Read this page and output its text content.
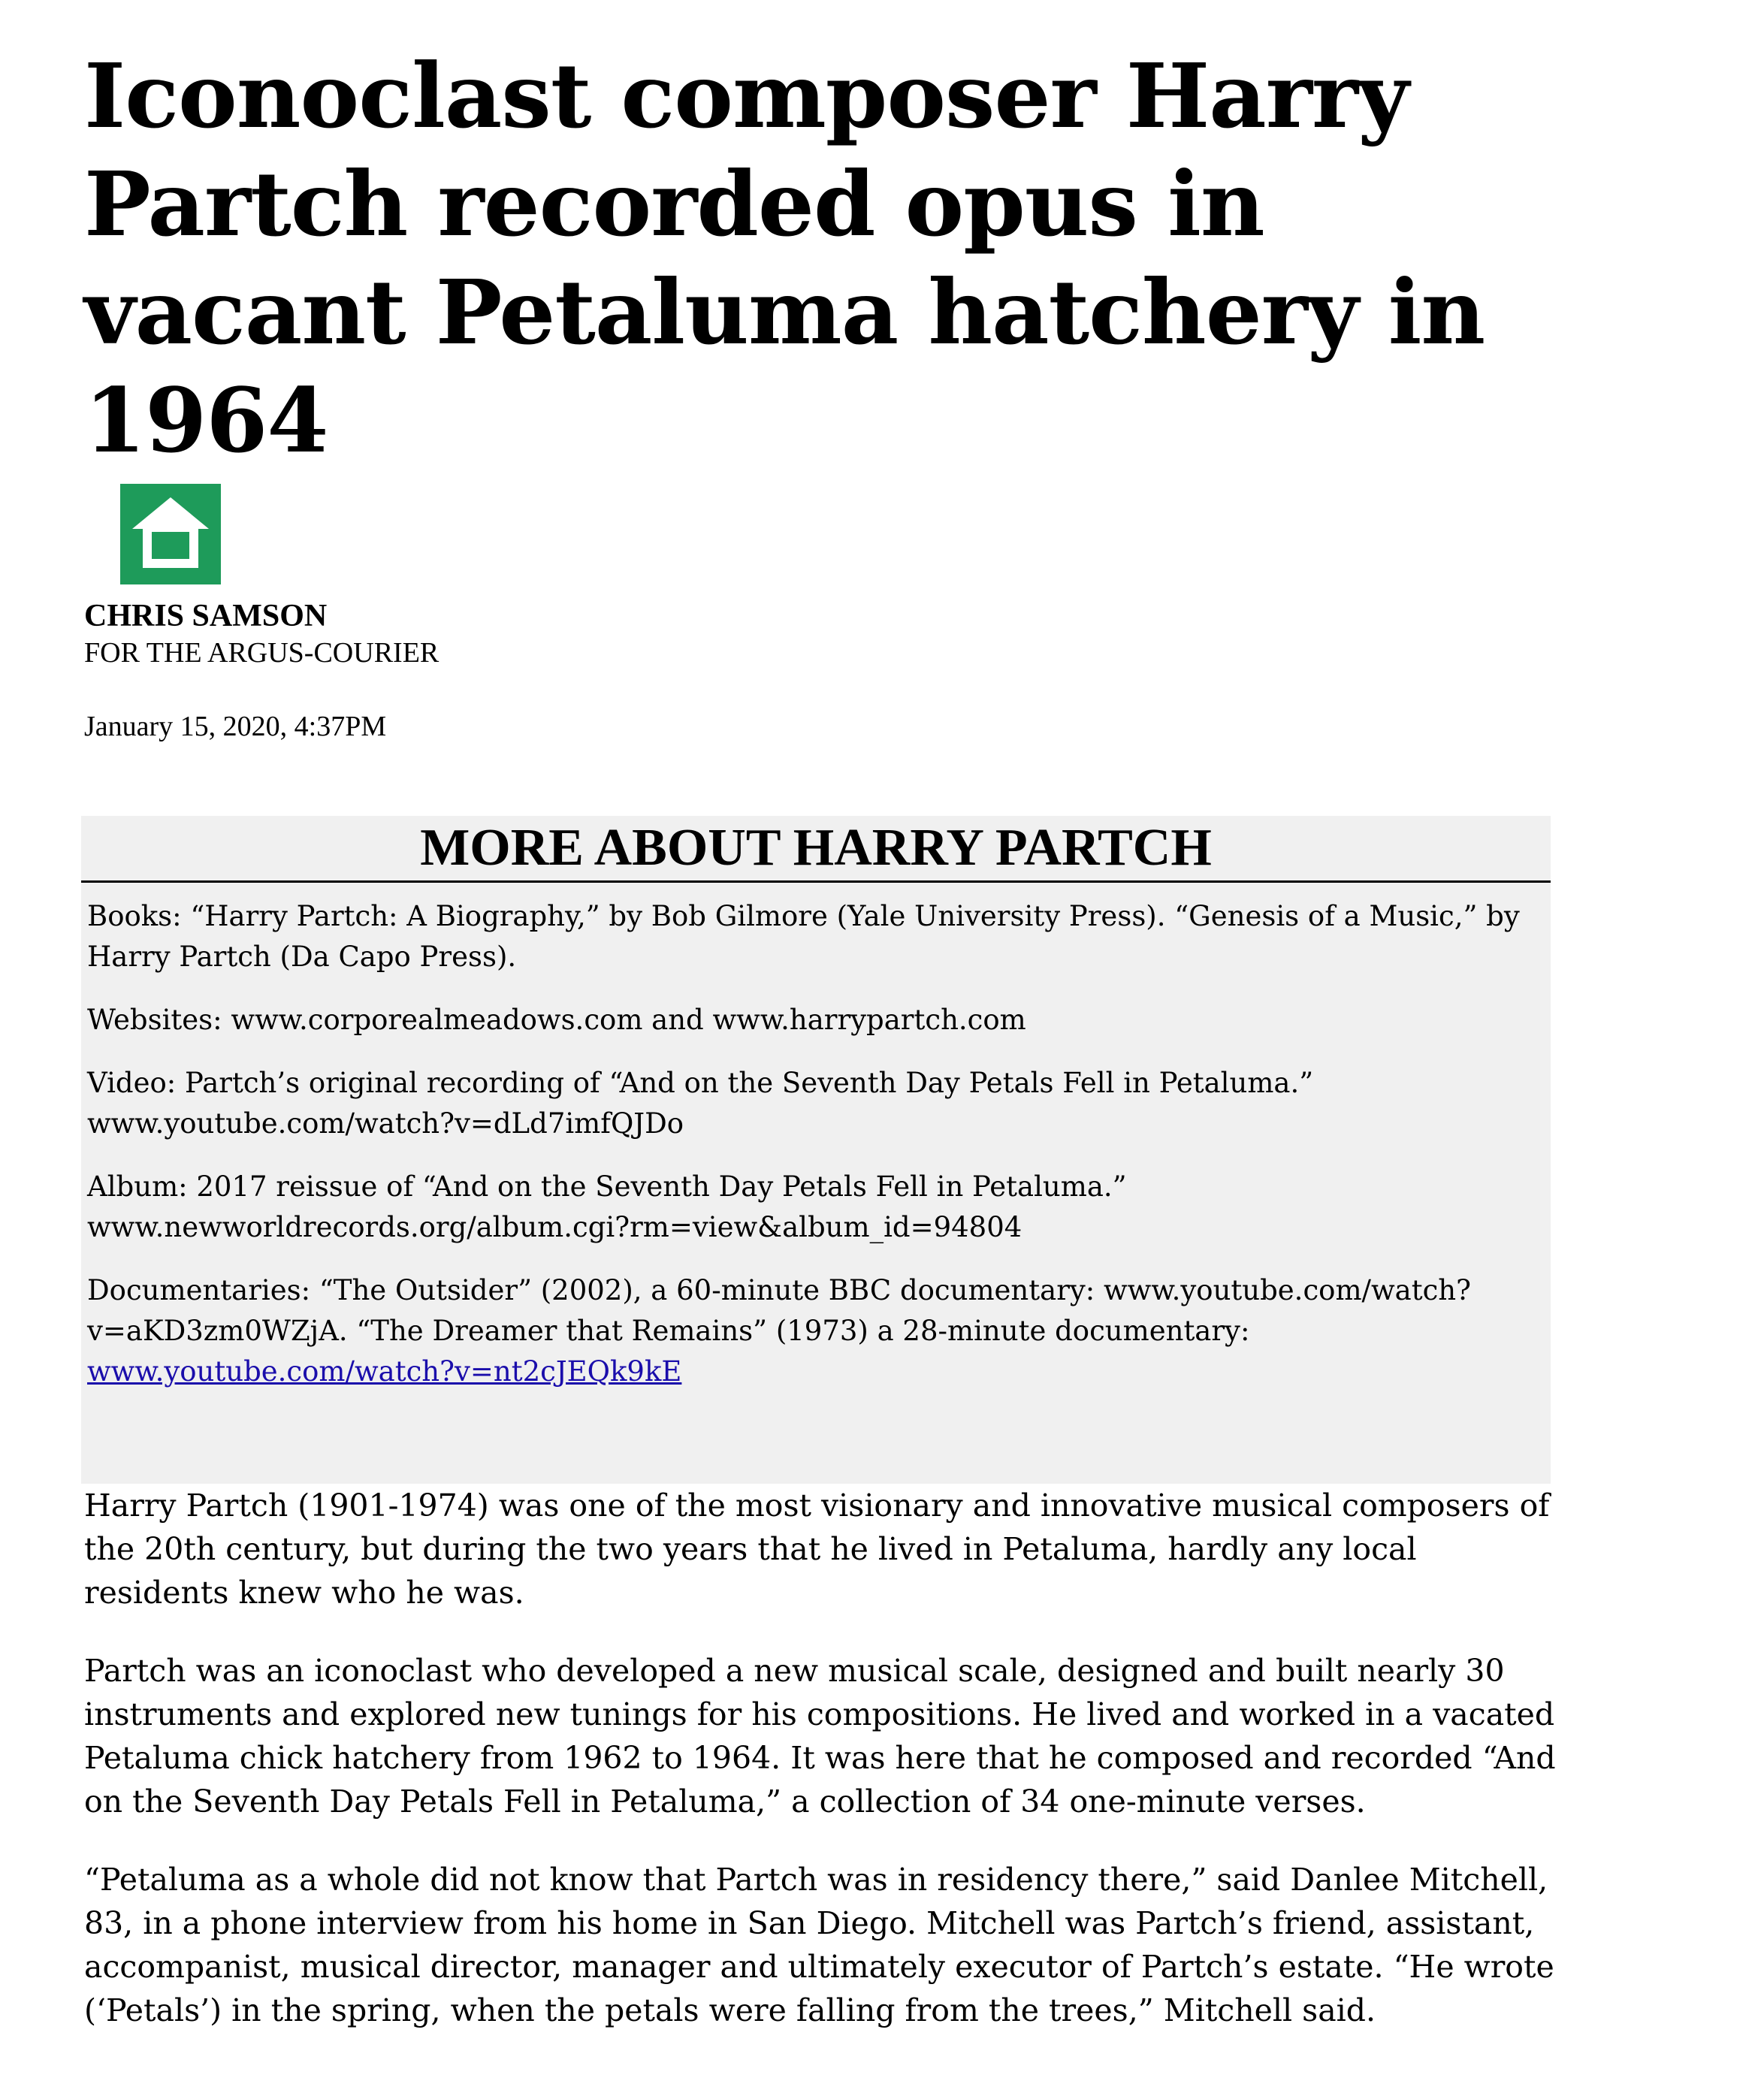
Iconoclast composer Harry Partch recorded opus in vacant Petaluma hatchery in 1964
CHRIS SAMSON
FOR THE ARGUS-COURIER
January 15, 2020, 4:37PM
MORE ABOUT HARRY PARTCH

Books: “Harry Partch: A Biography,” by Bob Gilmore (Yale University Press). “Genesis of a Music,” by Harry Partch (Da Capo Press).

Websites: www.corporealmeadows.com and www.harrypartch.com

Video: Partch’s original recording of “And on the Seventh Day Petals Fell in Petaluma.” www.youtube.com/watch?v=dLd7imfQJDo

Album: 2017 reissue of “And on the Seventh Day Petals Fell in Petaluma.” www.newworldrecords.org/album.cgi?rm=view&album_id=94804

Documentaries: “The Outsider” (2002), a 60-minute BBC documentary: www.youtube.com/watch?v=aKD3zm0WZjA. “The Dreamer that Remains” (1973) a 28-minute documentary: www.youtube.com/watch?v=nt2cJEQk9kE

Harry Partch (1901-1974) was one of the most visionary and innovative musical composers of the 20th century, but during the two years that he lived in Petaluma, hardly any local residents knew who he was.

Partch was an iconoclast who developed a new musical scale, designed and built nearly 30 instruments and explored new tunings for his compositions. He lived and worked in a vacated Petaluma chick hatchery from 1962 to 1964. It was here that he composed and recorded “And on the Seventh Day Petals Fell in Petaluma,” a collection of 34 one-minute verses.

“Petaluma as a whole did not know that Partch was in residency there,” said Danlee Mitchell, 83, in a phone interview from his home in San Diego. Mitchell was Partch’s friend, assistant, accompanist, musical director, manager and ultimately executor of Partch’s estate. “He wrote (‘Petals’) in the spring, when the petals were falling from the trees,” Mitchell said.
